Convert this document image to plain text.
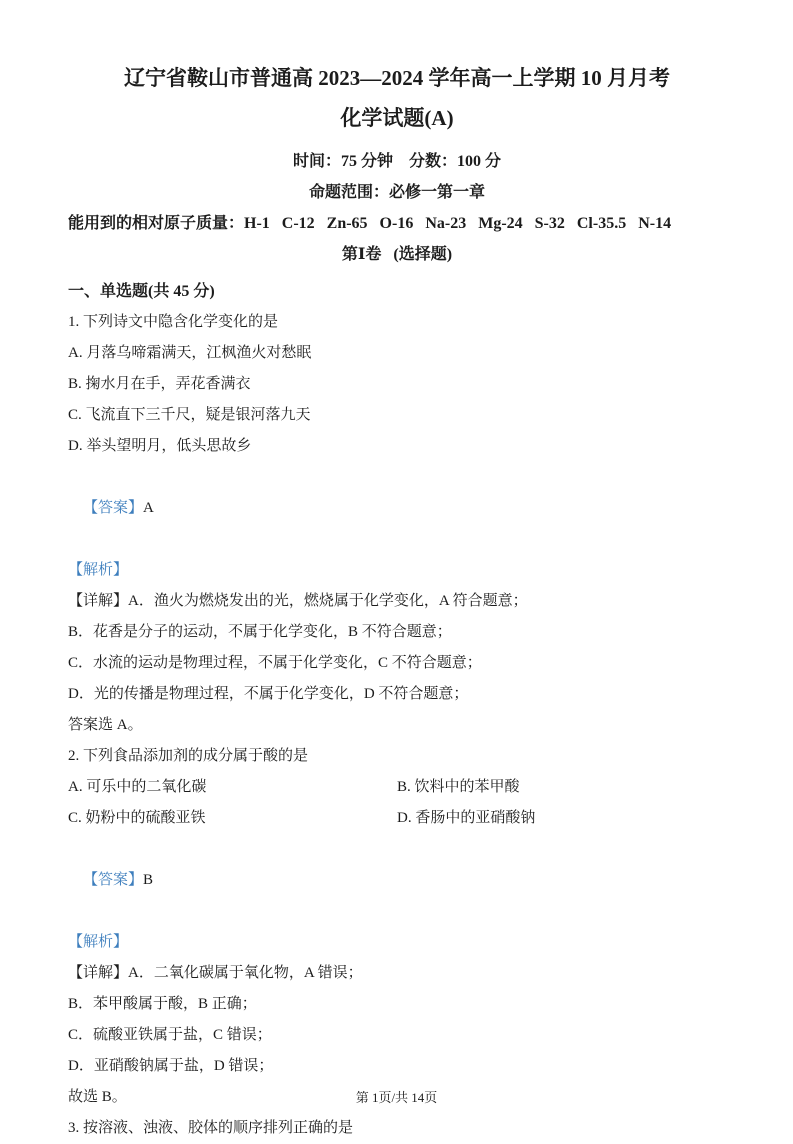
辽宁省鞍山市普通高 2023—2024 学年高一上学期 10 月月考
化学试题(A)
时间：75 分钟    分数：100 分
命题范围：必修一第一章
能用到的相对原子质量：H-1   C-12   Zn-65   O-16   Na-23   Mg-24   S-32   Cl-35.5   N-14
第Ⅰ卷   (选择题)
一、单选题(共 45 分)
1. 下列诗文中隐含化学变化的是
A. 月落乌啼霜满天，江枫渔火对愁眠
B. 掬水月在手，弄花香满衣
C. 飞流直下三千尺，疑是银河落九天
D. 举头望明月，低头思故乡

【答案】A

【解析】
【详解】A．渔火为燃烧发出的光，燃烧属于化学变化，A 符合题意；
B．花香是分子的运动，不属于化学变化，B 不符合题意；
C．水流的运动是物理过程，不属于化学变化，C 不符合题意；
D．光的传播是物理过程，不属于化学变化，D 不符合题意；
答案选 A。
2. 下列食品添加剂的成分属于酸的是
A. 可乐中的二氧化碳	B. 饮料中的苯甲酸
C. 奶粉中的硫酸亚铁	D. 香肠中的亚硝酸钠

【答案】B

【解析】
【详解】A．二氧化碳属于氧化物，A 错误；
B．苯甲酸属于酸，B 正确；
C．硫酸亚铁属于盐，C 错误；
D．亚硝酸钠属于盐，D 错误；
故选 B。
3. 按溶液、浊液、胶体的顺序排列正确的是
第 1页/共 14页
